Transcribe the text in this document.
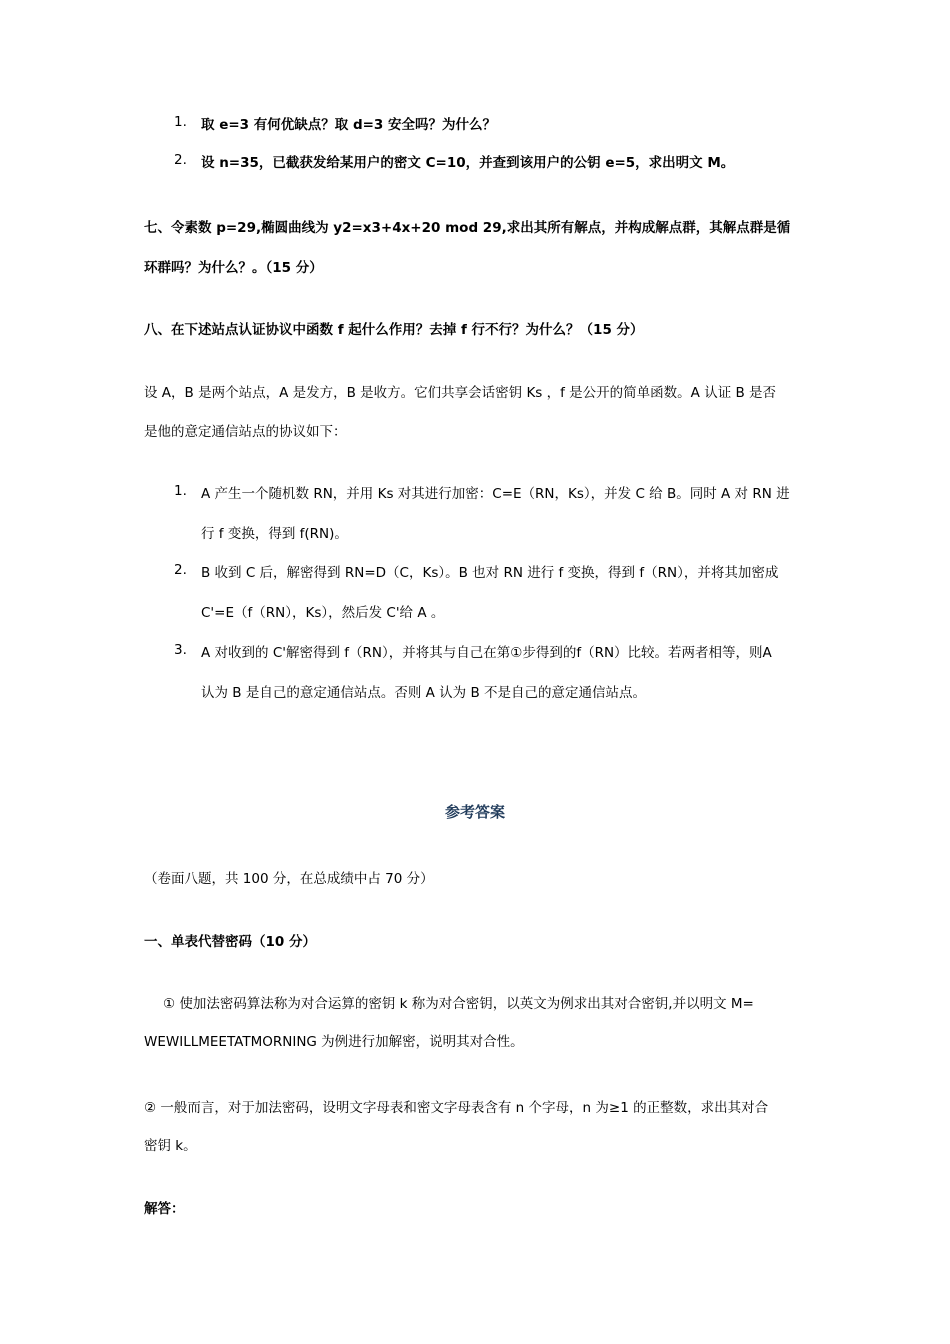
1. 取 e=3 有何优缺点？取 d=3 安全吗？为什么？

2. 设 n=35，已截获发给某用户的密文 C=10，并查到该用户的公钥 e=5，求出明文 M。

七、令素数 p=29,椭圆曲线为 y2=x3+4x+20 mod 29,求出其所有解点，并构成解点群，其解点群是循

环群吗？为什么？。（15 分）

八、在下述站点认证协议中函数 f 起什么作用？去掉 f 行不行？为什么？（15 分）

设 A，B 是两个站点，A 是发方，B 是收方。它们共享会话密钥 Ks ，f 是公开的简单函数。A 认证 B 是否

是他的意定通信站点的协议如下：

1. A 产生一个随机数 RN，并用 Ks 对其进行加密：C=E（RN，Ks），并发 C 给 B。同时 A 对 RN 进

行 f 变换，得到 f(RN)。

2. B 收到 C 后，解密得到 RN=D（C，Ks）。B 也对 RN 进行 f 变换，得到 f（RN），并将其加密成

C'=E（f（RN），Ks），然后发 C'给 A 。

3. A 对收到的 C'解密得到 f（RN），并将其与自己在第①步得到的f（RN）比较。若两者相等，则A

认为 B 是自己的意定通信站点。否则 A 认为 B 不是自己的意定通信站点。

参考答案

（卷面八题，共 100 分，在总成绩中占 70 分）

一、单表代替密码（10 分）

① 使加法密码算法称为对合运算的密钥 k 称为对合密钥，以英文为例求出其对合密钥,并以明文 M=

WEWILLMEETATMORNING 为例进行加解密，说明其对合性。

② 一般而言，对于加法密码，设明文字母表和密文字母表含有 n 个字母，n 为≥1 的正整数，求出其对合

密钥 k。

解答：
